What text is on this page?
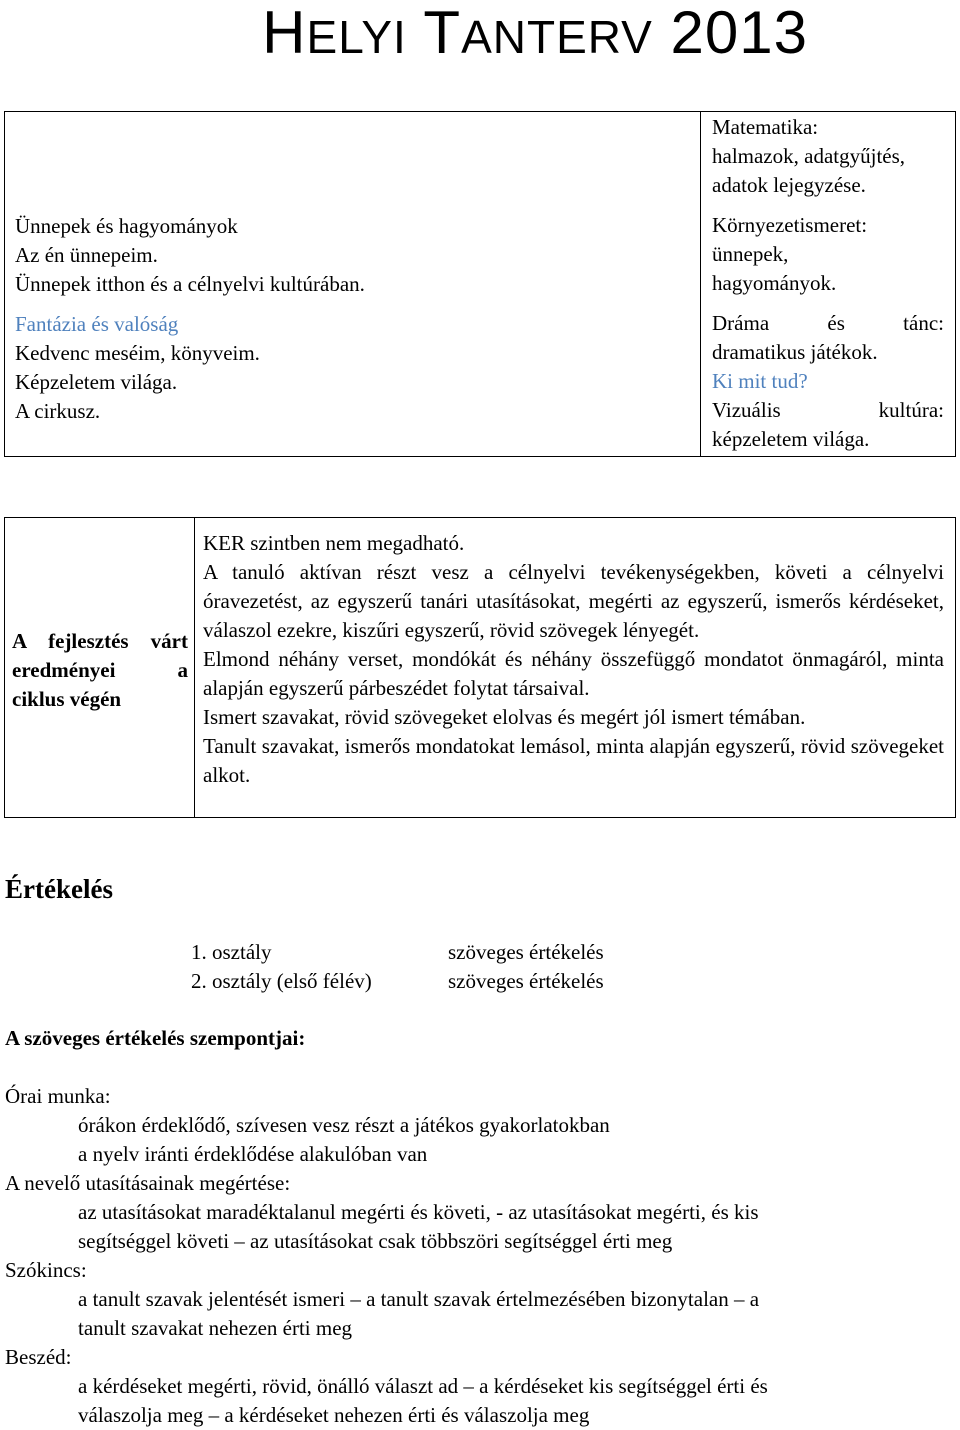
HELYI TANTERV 2013
Ünnepek és hagyományok
Az én ünnepeim.
Ünnepek itthon és a célnyelvi kultúrában.
Fantázia és valóság
Kedvenc meséim, könyveim.
Képzeletem világa.
A cirkusz.
Matematika:
halmazok, adatgyűjtés,
adatok lejegyzése.
Környezetismeret:
ünnepek,
hagyományok.
Dráma	és	tánc:
dramatikus játékok.
Ki mit tud?
Vizuális	kultúra:
képzeletem világa.
A fejlesztés várt eredményei a ciklus végén

KER szintben nem megadható.

A tanuló aktívan részt vesz a célnyelvi tevékenységekben, követi a célnyelvi óravezetést, az egyszerű tanári utasításokat, megérti az egyszerű, ismerős kérdéseket, válaszol ezekre, kiszűri egyszerű, rövid szövegek lényegét.

Elmond néhány verset, mondókát és néhány összefüggő mondatot önmagáról, minta alapján egyszerű párbeszédet folytat társaival.

Ismert szavakat, rövid szövegeket elolvas és megért jól ismert témában.

Tanult szavakat, ismerős mondatokat lemásol, minta alapján egyszerű, rövid szövegeket alkot.

Értékelés
1. osztály	szöveges értékelés
2. osztály (első félév)	szöveges értékelés
A szöveges értékelés szempontjai:

Órai munka:

órákon érdeklődő, szívesen vesz részt a játékos gyakorlatokban

a nyelv iránti érdeklődése alakulóban van

A nevelő utasításainak megértése:

az utasításokat maradéktalanul megérti és követi, - az utasításokat megérti, és kis

segítséggel követi – az utasításokat csak többszöri segítséggel érti meg

Szókincs:

a tanult szavak jelentését ismeri – a tanult szavak értelmezésében bizonytalan – a

tanult szavakat nehezen érti meg

Beszéd:

a kérdéseket megérti, rövid, önálló választ ad – a kérdéseket kis segítséggel érti és

válaszolja meg – a kérdéseket nehezen érti és válaszolja meg
